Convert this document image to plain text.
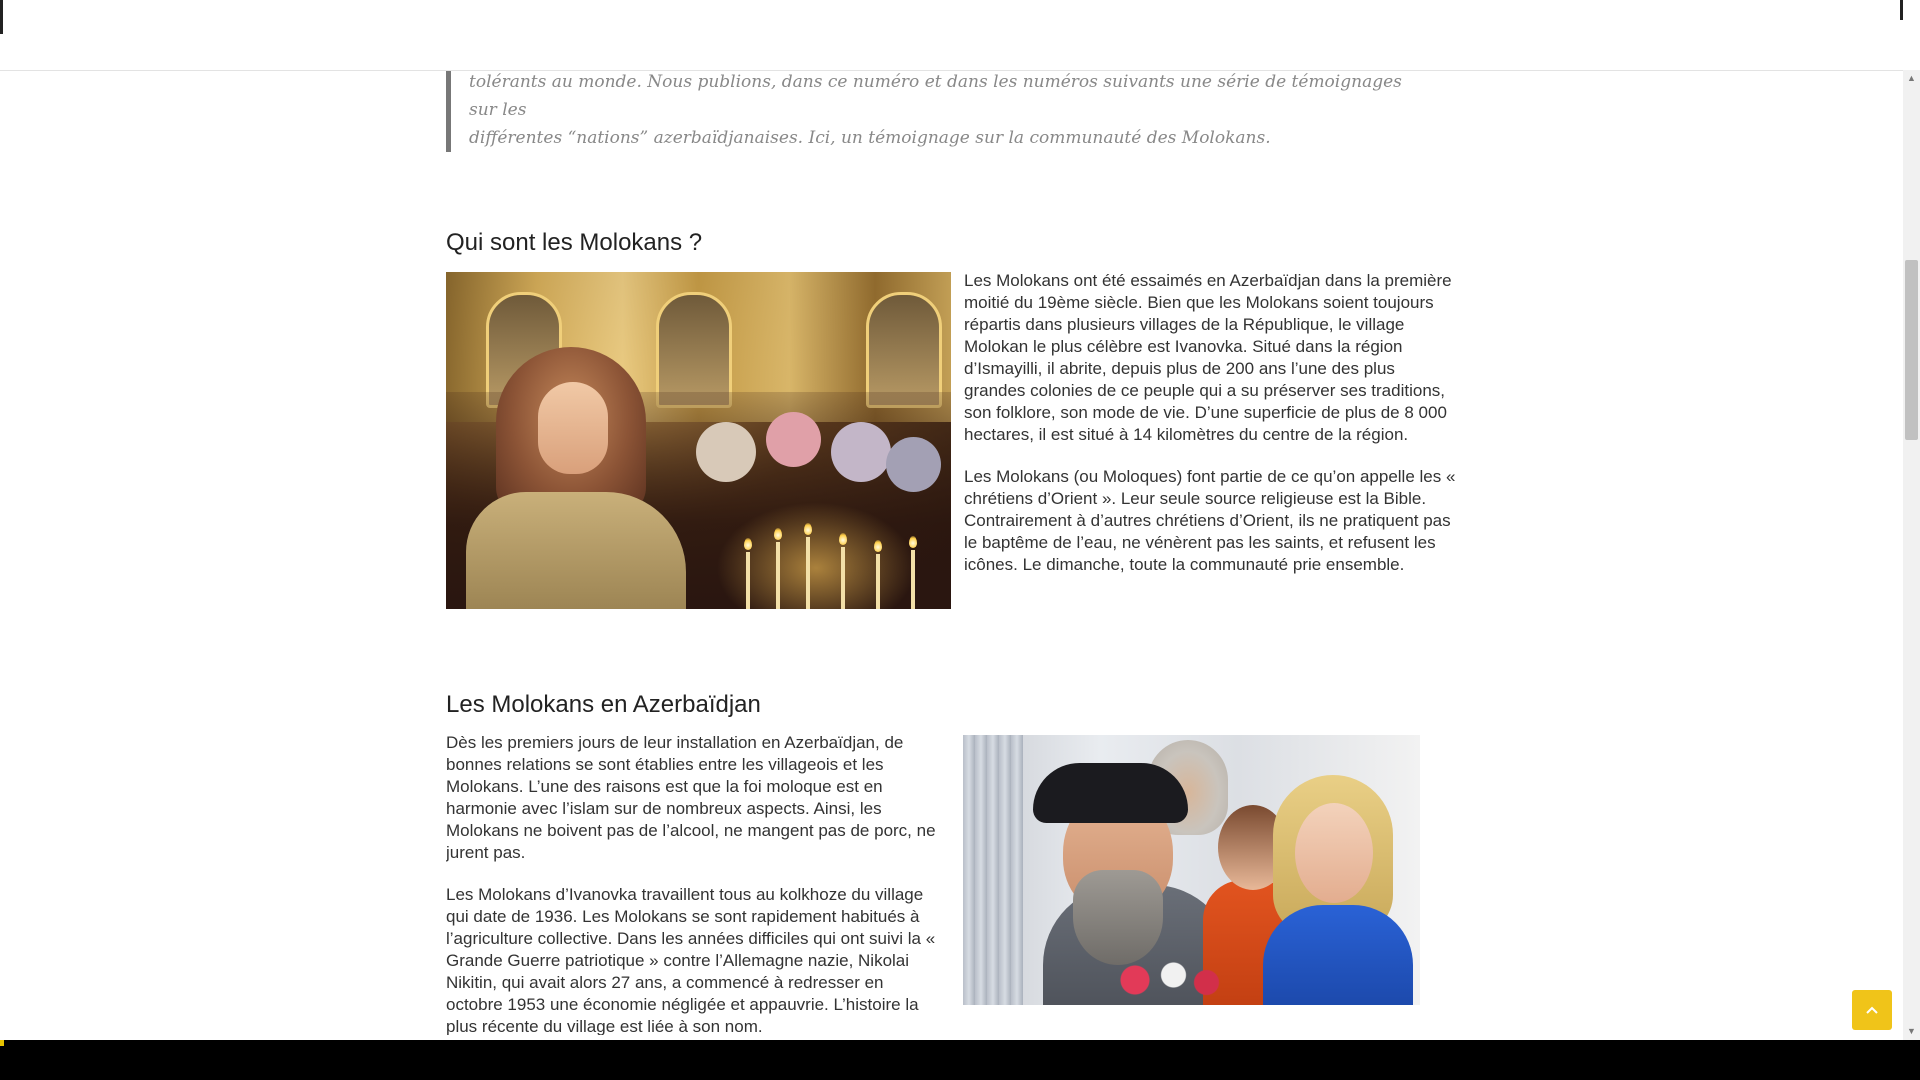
tolérants au monde. Nous publions, dans ce numéro et dans les numéros suivants une série de témoignages sur les

différentes “nations” azerbaïdjanaises. Ici, un témoignage sur la communauté des Molokans.

Qui sont les Molokans ?

Les Molokans ont été essaimés en Azerbaïdjan dans la première moitié du 19ème siècle. Bien que les Molokans soient toujours répartis dans plusieurs villages de la République, le village Molokan le plus célèbre est Ivanovka. Situé dans la région d’Ismayilli, il abrite, depuis plus de 200 ans l’une des plus grandes colonies de ce peuple qui a su préserver ses traditions, son folklore, son mode de vie. D’une superficie de plus de 8 000 hectares, il est situé à 14 kilomètres du centre de la région.

Les Molokans (ou Moloques) font partie de ce qu’on appelle les « chrétiens d’Orient ». Leur seule source religieuse est la Bible. Contrairement à d’autres chrétiens d’Orient, ils ne pratiquent pas le baptême de l’eau, ne vénèrent pas les saints, et refusent les icônes. Le dimanche, toute la communauté prie ensemble.

Les Molokans en Azerbaïdjan

Dès les premiers jours de leur installation en Azerbaïdjan, de bonnes relations se sont établies entre les villageois et les Molokans. L’une des raisons est que la foi moloque est en harmonie avec l’islam sur de nombreux aspects. Ainsi, les Molokans ne boivent pas de l’alcool, ne mangent pas de porc, ne jurent pas.

Les Molokans d’Ivanovka travaillent tous au kolkhoze du village qui date de 1936. Les Molokans se sont rapidement habitués à l’agriculture collective. Dans les années difficiles qui ont suivi la « Grande Guerre patriotique » contre l’Allemagne nazie, Nikolai Nikitin, qui avait alors 27 ans, a commencé à redresser en octobre 1953 une économie négligée et appauvrie. L’histoire la plus récente du village est liée à son nom.

▲
▼
